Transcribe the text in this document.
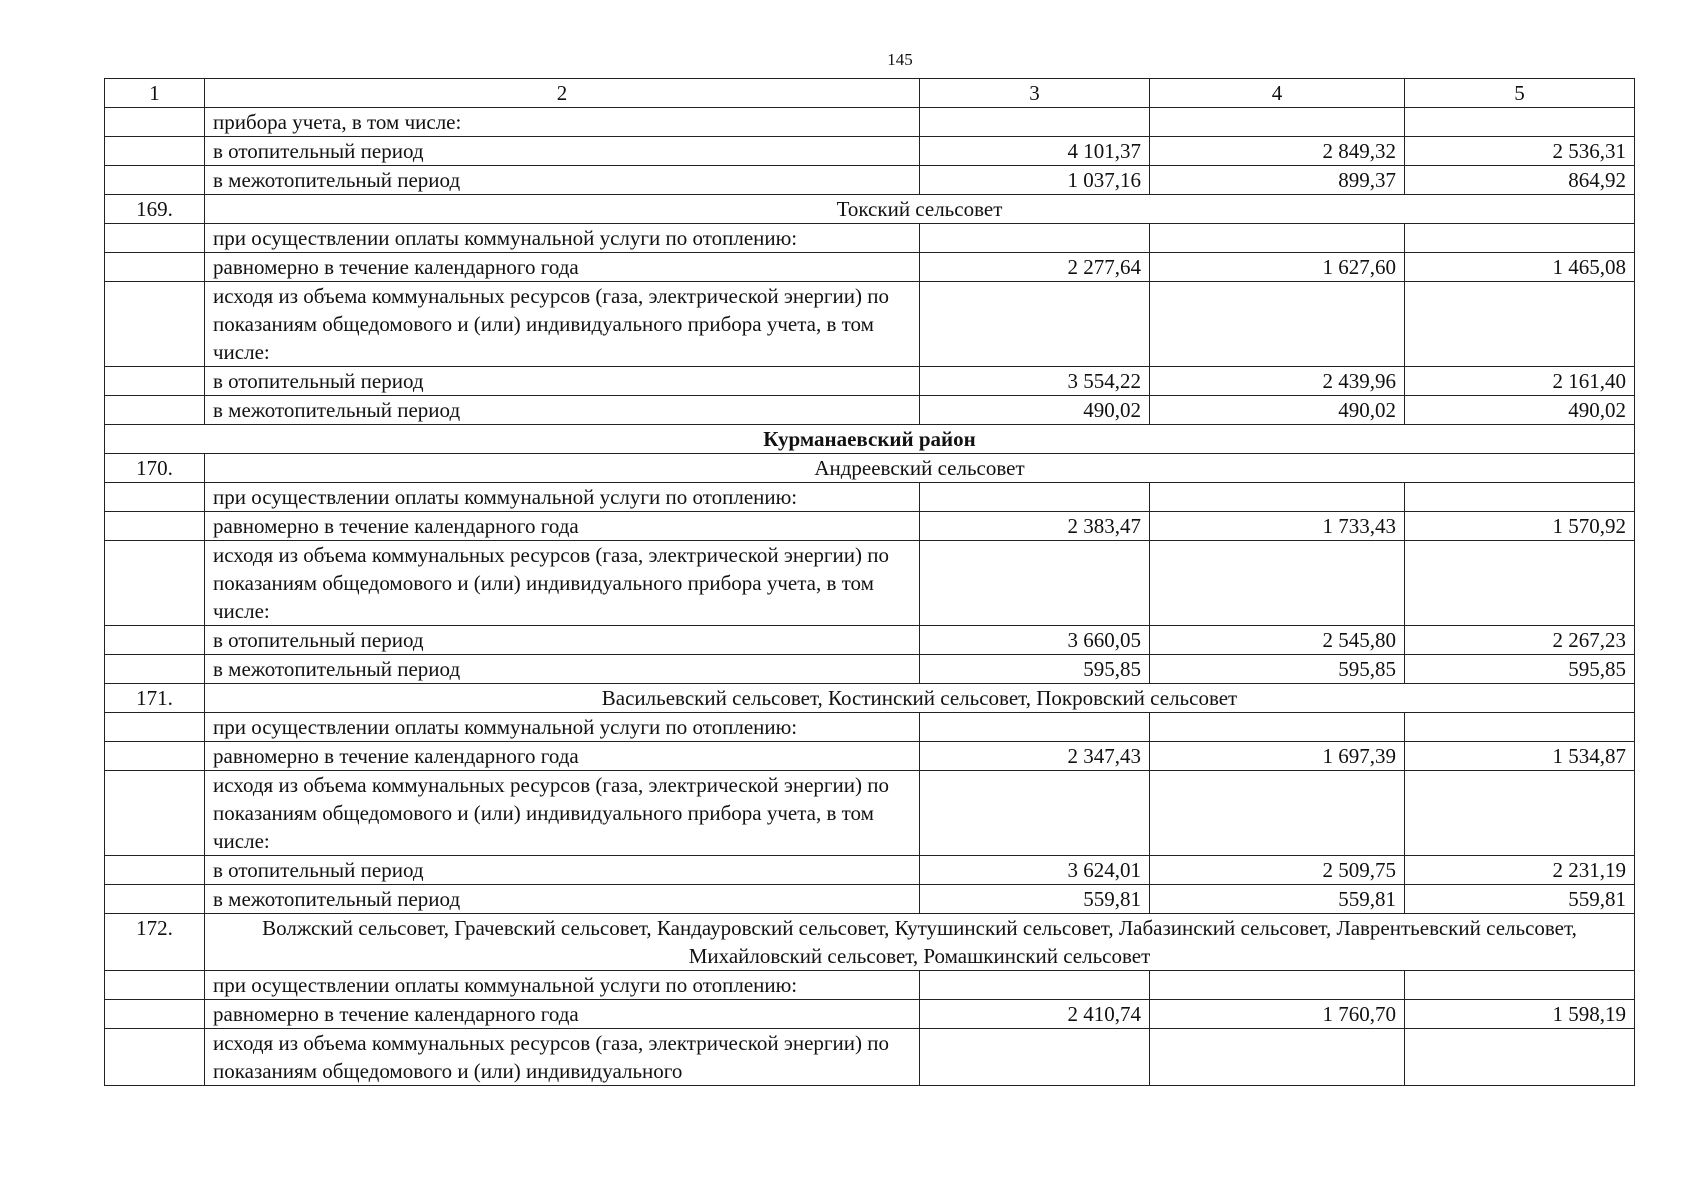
145
1	2	3	4	5
	прибора учета, в том числе:			
	в отопительный период	4 101,37	2 849,32	2 536,31
	в межотопительный период	1 037,16	899,37	864,92
169.	Токский сельсовет			
	при осуществлении оплаты коммунальной услуги по отоплению:			
	равномерно в течение календарного года	2 277,64	1 627,60	1 465,08
	исходя из объема коммунальных ресурсов (газа, электрической энергии) по показаниям общедомового и (или) индивидуального прибора учета, в том числе:			
	в отопительный период	3 554,22	2 439,96	2 161,40
	в межотопительный период	490,02	490,02	490,02
Курманаевский район				
170.	Андреевский сельсовет			
	при осуществлении оплаты коммунальной услуги по отоплению:			
	равномерно в течение календарного года	2 383,47	1 733,43	1 570,92
	исходя из объема коммунальных ресурсов (газа, электрической энергии) по показаниям общедомового и (или) индивидуального прибора учета, в том числе:			
	в отопительный период	3 660,05	2 545,80	2 267,23
	в межотопительный период	595,85	595,85	595,85
171.	Васильевский сельсовет, Костинский сельсовет, Покровский сельсовет			
	при осуществлении оплаты коммунальной услуги по отоплению:			
	равномерно в течение календарного года	2 347,43	1 697,39	1 534,87
	исходя из объема коммунальных ресурсов (газа, электрической энергии) по показаниям общедомового и (или) индивидуального прибора учета, в том числе:			
	в отопительный период	3 624,01	2 509,75	2 231,19
	в межотопительный период	559,81	559,81	559,81
172.	Волжский сельсовет, Грачевский сельсовет, Кандауровский сельсовет, Кутушинский сельсовет, Лабазинский сельсовет, Лаврентьевский сельсовет, Михайловский сельсовет, Ромашкинский сельсовет			
	при осуществлении оплаты коммунальной услуги по отоплению:			
	равномерно в течение календарного года	2 410,74	1 760,70	1 598,19
	исходя из объема коммунальных ресурсов (газа, электрической энергии) по показаниям общедомового и (или) индивидуального			
